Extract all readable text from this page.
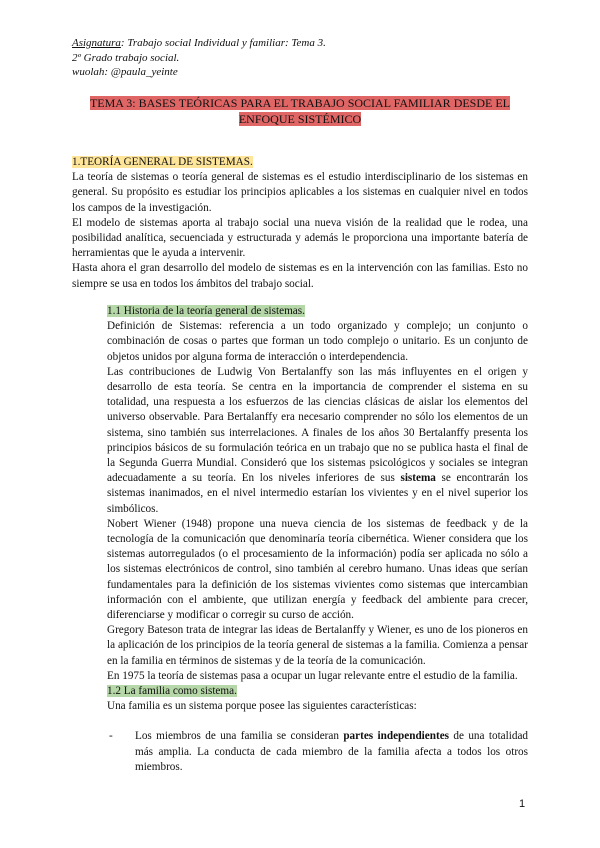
Asignatura: Trabajo social Individual y familiar: Tema 3.
2º Grado trabajo social.
wuolah: @paula_yeinte
TEMA 3: BASES TEÓRICAS PARA EL TRABAJO SOCIAL FAMILIAR DESDE EL
ENFOQUE SISTÉMICO

1.TEORÍA GENERAL DE SISTEMAS.

La teoría de sistemas o teoría general de sistemas es el estudio interdisciplinario de los sistemas en general. Su propósito es estudiar los principios aplicables a los sistemas en cualquier nivel en todos los campos de la investigación.

El modelo de sistemas aporta al trabajo social una nueva visión de la realidad que le rodea, una posibilidad analítica, secuenciada y estructurada y además le proporciona una importante batería de herramientas que le ayuda a intervenir.

Hasta ahora el gran desarrollo del modelo de sistemas es en la intervención con las familias. Esto no siempre se usa en todos los ámbitos del trabajo social.

1.1 Historia de la teoría general de sistemas.

Definición de Sistemas: referencia a un todo organizado y complejo; un conjunto o combinación de cosas o partes que forman un todo complejo o unitario. Es un conjunto de objetos unidos por alguna forma de interacción o interdependencia.

Las contribuciones de Ludwig Von Bertalanffy son las más influyentes en el origen y desarrollo de esta teoría. Se centra en la importancia de comprender el sistema en su totalidad, una respuesta a los esfuerzos de las ciencias clásicas de aislar los elementos del universo observable. Para Bertalanffy era necesario comprender no sólo los elementos de un sistema, sino también sus interrelaciones. A finales de los años 30 Bertalanffy presenta los principios básicos de su formulación teórica en un trabajo que no se publica hasta el final de la Segunda Guerra Mundial. Consideró que los sistemas psicológicos y sociales se integran adecuadamente a su teoría. En los niveles inferiores de sus sistema se encontrarán los sistemas inanimados, en el nivel intermedio estarían los vivientes y en el nivel superior los simbólicos.

Nobert Wiener (1948) propone una nueva ciencia de los sistemas de feedback y de la tecnología de la comunicación que denominaría teoría cibernética. Wiener considera que los sistemas autorregulados (o el procesamiento de la información) podía ser aplicada no sólo a los sistemas electrónicos de control, sino también al cerebro humano. Unas ideas que serían fundamentales para la definición de los sistemas vivientes como sistemas que intercambian información con el ambiente, que utilizan energía y feedback del ambiente para crecer, diferenciarse y modificar o corregir su curso de acción.

Gregory Bateson trata de integrar las ideas de Bertalanffy y Wiener, es uno de los pioneros en la aplicación de los principios de la teoría general de sistemas a la familia. Comienza a pensar en la familia en términos de sistemas y de la teoría de la comunicación.

En 1975 la teoría de sistemas pasa a ocupar un lugar relevante entre el estudio de la familia.

1.2 La familia como sistema.

Una familia es un sistema porque posee las siguientes características:

-	Los miembros de una familia se consideran partes independientes de una totalidad más amplia. La conducta de cada miembro de la familia afecta a todos los otros miembros.
1
